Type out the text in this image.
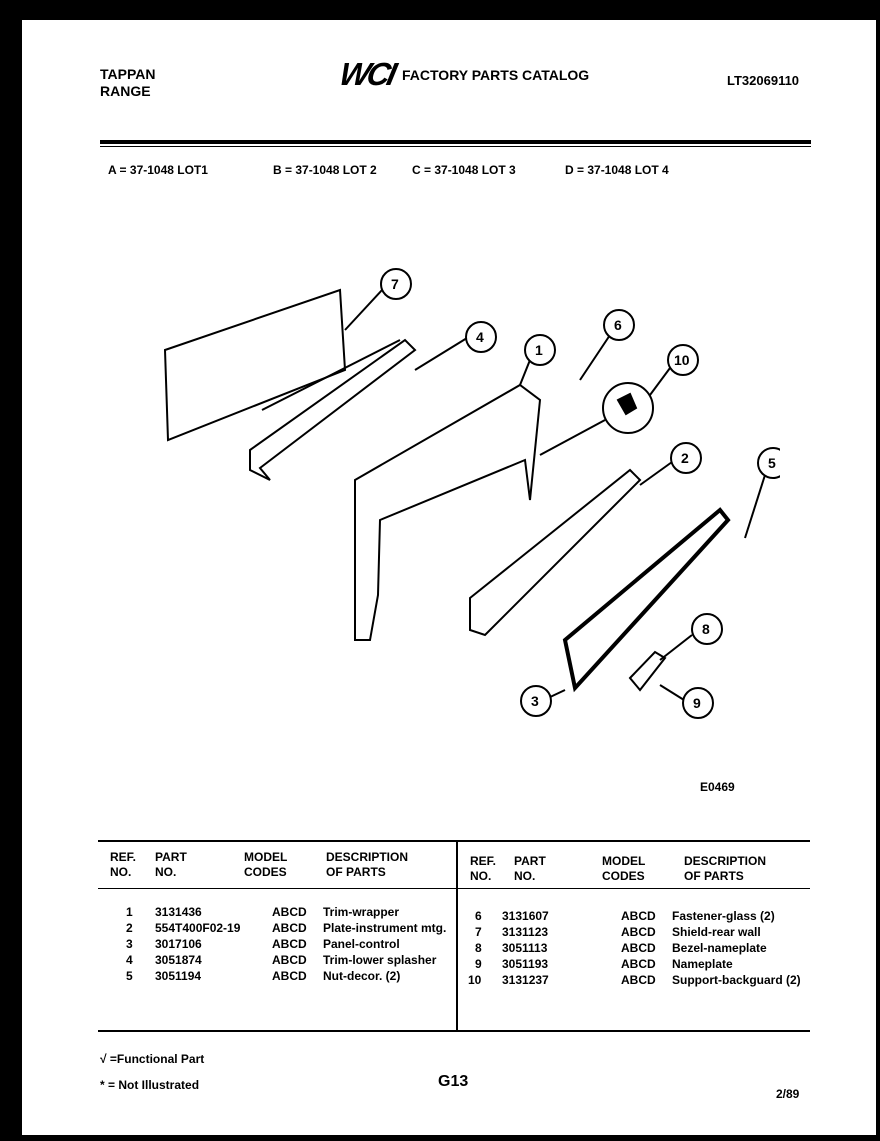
TAPPAN
RANGE	WCI FACTORY PARTS CATALOG	LT32069110
A = 37-1048 LOT1	B = 37-1048 LOT 2	C = 37-1048 LOT 3	D = 37-1048 LOT 4
7
4
1
6
10
2	5
8
3	9
E0469
REF.
NO.
PART
NO.
MODEL
CODES
DESCRIPTION
OF PARTS
REF.
NO.
PART
NO.
MODEL
CODES
DESCRIPTION
OF PARTS
1 3131436	ABCD Trim-wrapper
2 554T400F02-19	ABCD Plate-instrument mtg.
3 3017106	ABCD Panel-control
4 3051874	ABCD Trim-lower splasher
5 3051194	ABCD Nut-decor. (2)
6 3131607	ABCD Fastener-glass (2)
7 3131123	ABCD Shield-rear wall
8 3051113	ABCD Bezel-nameplate
9 3051193	ABCD Nameplate
10 3131237	ABCD Support-backguard (2)
√ =Functional Part
* = Not Illustrated	G13
2/89
